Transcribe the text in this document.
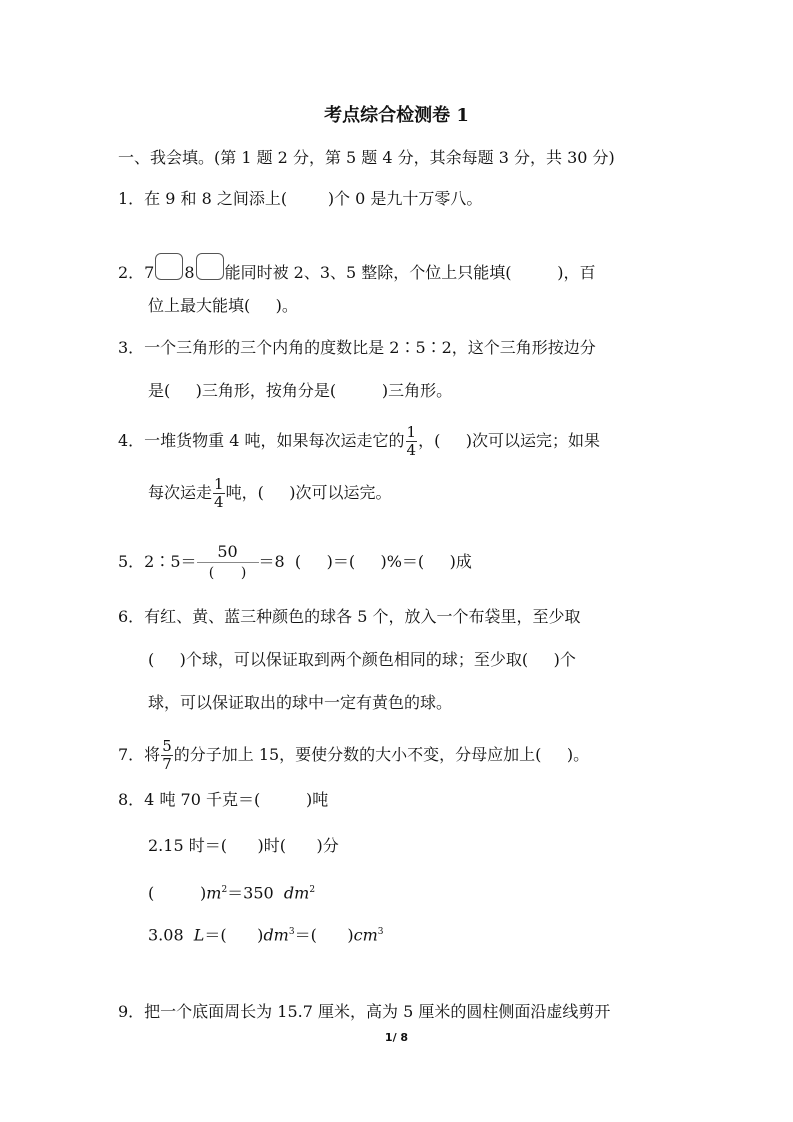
考点综合检测卷 1
一、我会填。(第 1 题 2 分，第 5 题 4 分，其余每题 3 分，共 30 分)
1．在 9 和 8 之间添上(        )个 0 是九十万零八。
2．7 8 能同时被 2、3、5 整除，个位上只能填(         )，百
位上最大能填(     )。
3．一个三角形的三个内角的度数比是 2∶5∶2，这个三角形按边分
是(     )三角形，按角分是(         )三角形。
4．一堆货物重 4 吨，如果每次运走它的 $\frac{1}{4}$ ，(     )次可以运完；如果
每次运走 $\frac{1}{4}$ 吨，(     )次可以运完。
5．2∶5＝
50
(      )
＝8  (     )＝(     )%＝(     )成
6．有红、黄、蓝三种颜色的球各 5 个，放入一个布袋里，至少取
(     )个球，可以保证取到两个颜色相同的球；至少取(     )个
球，可以保证取出的球中一定有黄色的球。
7．将 $\frac{5}{7}$ 的分子加上 15，要使分数的大小不变，分母应加上(     )。
8．4 吨 70 千克＝(         )吨
2.15 时＝(      )时(      )分
(         )$m^2=350$  $dm^2$
3.08  L＝(      )$dm^3=$(      )$cm^3$
9．把一个底面周长为 15.7 厘米，高为 5 厘米的圆柱侧面沿虚线剪开
1/ 8
